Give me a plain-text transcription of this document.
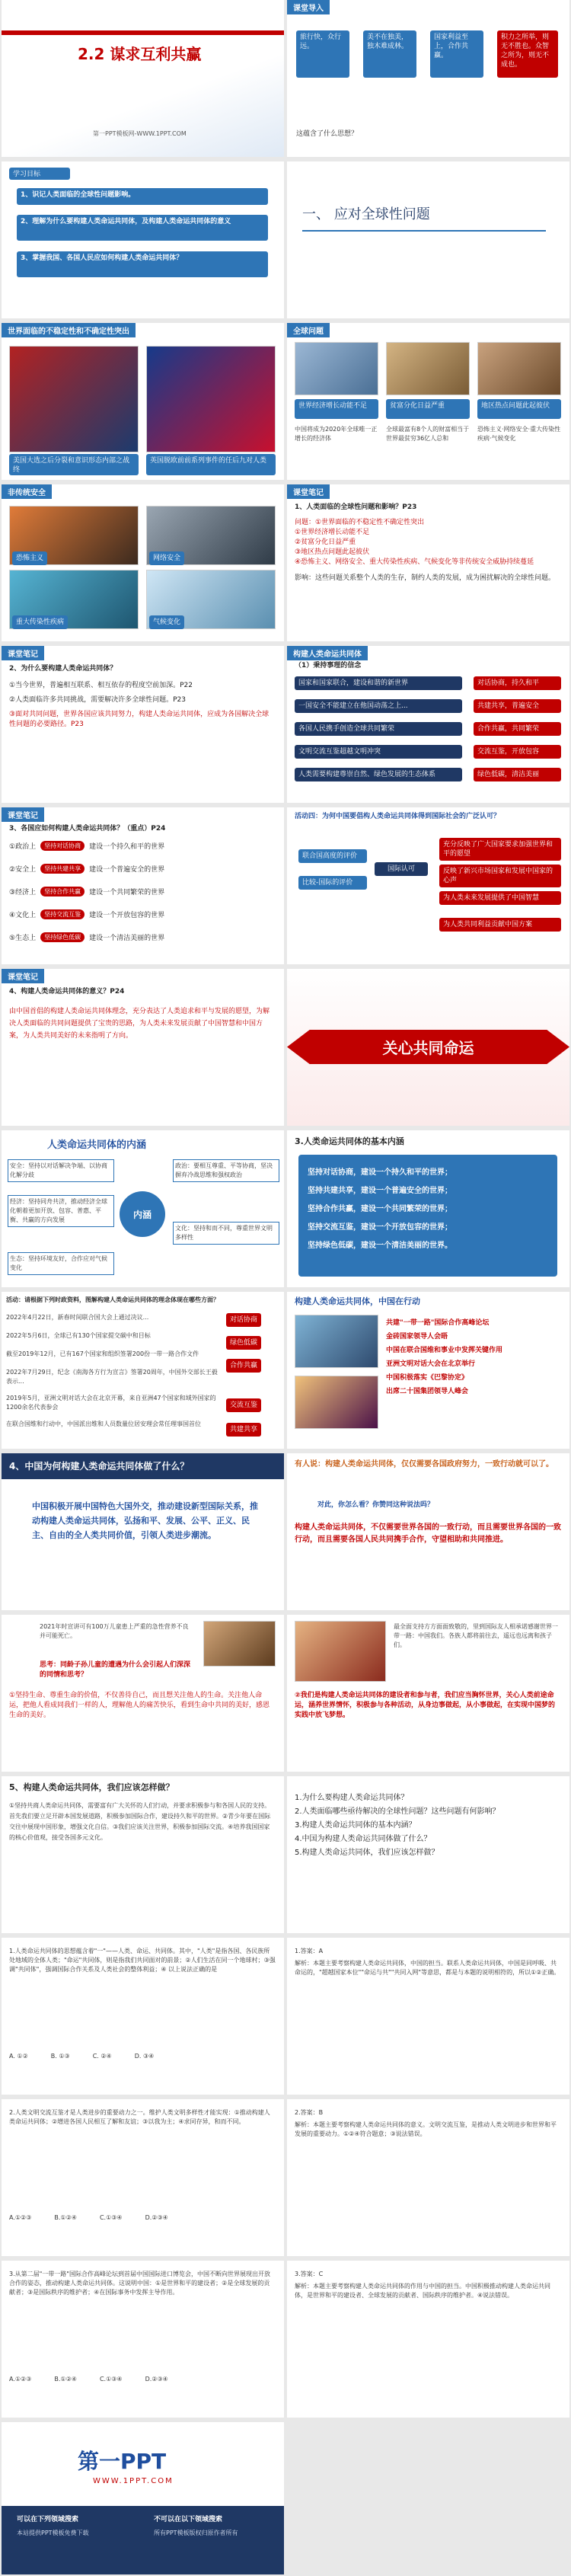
2.2 谋求互利共赢
第一PPT模板网-WWW.1PPT.COM
课堂导入
旅行快，众行远。
美不在独美，独木难成林。
国家利益至上，合作共赢。
积力之所举，则无不胜也。众智之所为，则无不成也。
这蕴含了什么思想？
学习目标
1、识记人类面临的全球性问题影响。
2、理解为什么要构建人类命运共同体，及构建人类命运共同体的意义
3、掌握我国、各国人民应如何构建人类命运共同体？
一、 应对全球性问题
世界面临的不稳定性和不确定性突出
美国大选之后分裂和意识形态内部之战终
英国脱欧前前系列事件的任后九对人类
全球问题
世界经济增长动能不足	贫富分化日益严重	地区热点问题此起彼伏
中国将成为2020年全球唯一正增长的经济体
全球最富有8个人的财富相当于世界最贫穷36亿人总和
恐怖主义·网络安全·重大传染性疾病·气候变化
非传统安全
恐怖主义	网络安全
重大传染性疾病	气候变化
课堂笔记
1、人类面临的全球性问题和影响？P23
问题：①世界面临的不稳定性不确定性突出
①世界经济增长动能不足
②贫富分化日益严重
③地区热点问题此起彼伏
④恐怖主义、网络安全、重大传染性疾病、气候变化等非传统安全威胁持续蔓延
影响：这些问题关系整个人类的生存，制约人类的发展，成为困扰解决的全球性问题。
课堂笔记
2、为什么要构建人类命运共同体？
①当今世界，普遍相互联系、相互依存的程度空前加深。P22
②人类面临许多共同挑战，需要解决许多全球性问题。P23
③面对共同问题，世界各国应该共同努力，构建人类命运共同体，应成为各国解决全球性问题的必要路径。P23
构建人类命运共同体
（1）秉持事理的信念
国家和国家联合，建设和谐的新世界
一国安全不能建立在他国动荡之上...
各国人民携手创造全球共同繁荣
文明交流互鉴超越文明冲突
人类需要构建尊崇自然、绿色发展的生态体系
对话协商，持久和平
共建共享，普遍安全
合作共赢，共同繁荣
交流互鉴，开放包容
绿色低碳，清洁美丽
课堂笔记
3、各国应如何构建人类命运共同体？（重点）P24
①政治上	坚持对话协商	建设一个持久和平的世界
②安全上	坚持共建共享	建设一个普遍安全的世界
③经济上	坚持合作共赢	建设一个共同繁荣的世界
④文化上	坚持交流互鉴	建设一个开放包容的世界
⑤生态上	坚持绿色低碳	建设一个清洁美丽的世界
活动四：为何中国要倡构人类命运共同体得到国际社会的广泛认可？
联合国高度的评价
比较-国际的评价
国际认可
充分反映了广大国家要求加强世界和平的愿望
反映了新兴市场国家和发展中国家的心声
为人类未来发展提供了中国智慧
为人类共同利益贡献中国方案
课堂笔记
4、构建人类命运共同体的意义？P24
由中国首倡的构建人类命运共同体理念，充分表达了人类追求和平与发展的愿望，为解决人类面临的共同问题提供了宝贵的思路，为人类未来发展贡献了中国智慧和中国方案，为人类共同美好的未来指明了方向。
关心共同命运
人类命运共同体的内涵
内涵
安全：坚持以对话解决争端、以协商化解分歧
经济：坚持同舟共济，推动经济全球化朝着更加开放、包容、普惠、平衡、共赢的方向发展
生态：坚持环境友好，合作应对气候变化
政治：要相互尊重、平等协商，坚决摒弃冷战思维和强权政治
文化：坚持和而不同，尊重世界文明多样性
3.人类命运共同体的基本内涵
坚持对话协商，建设一个持久和平的世界；
坚持共建共享，建设一个普遍安全的世界；
坚持合作共赢，建设一个共同繁荣的世界；
坚持交流互鉴，建设一个开放包容的世界；
坚持绿色低碳，建设一个清洁美丽的世界。
活动：请根据下列时政资料，图解构建人类命运共同体的理念体现在哪些方面？
2022年4月22日，新春时间联合国大会上通过决议...
2022年5月6日，全球已有130个国家提交碳中和目标
截至2019年12月，已有167个国家和组织签署200份一带一路合作文件
2022年7月29日，纪念《南海各方行为宣言》签署20周年，中国外交部长王毅表示...
2019年5月，亚洲文明对话大会在北京开幕，来自亚洲47个国家和域外国家的1200余名代表参会
在联合国维和行动中，中国派出维和人员数量位居安理会常任理事国首位
对话协商
绿色低碳
合作共赢
交流互鉴
共建共享
构建人类命运共同体，中国在行动
共建"一带一路"国际合作高峰论坛
金砖国家领导人会晤
中国在联合国维和事业中发挥关键作用
亚洲文明对话大会在北京举行
中国积极落实《巴黎协定》
出席二十国集团领导人峰会
4、中国为何构建人类命运共同体做了什么？
中国积极开展中国特色大国外交，推动建设新型国际关系，推动构建人类命运共同体，弘扬和平、发展、公平、正义、民主、自由的全人类共同价值，引领人类进步潮流。
有人说：构建人类命运共同体，仅仅需要各国政府努力，一致行动就可以了。
对此，你怎么看？你赞同这种说法吗？
构建人类命运共同体，不仅需要世界各国的一致行动，而且需要世界各国的一致行动，而且需要各国人民共同携手合作，守望相助和共同推进。
2021年时宣讲可有100万儿童患上严重的急性营养不良并可能死亡。
思考：同龄子孙儿童的遭遇为什么会引起人们深深的同情和思考？
①坚持生命、尊重生命的价值，不仅善待自己，而且想关注他人的生命。关注他人命运，把他人看成同我们一样的人，理解他人的痛苦快乐，看到生命中共同的美好，感恩生命的美好。
最全面支持方方面面致敬的，里到国际友人相承诺感谢世界一带一路：中国我们。各族人都将前往去，遥远也远离和孩子们。
②我们是构建人类命运共同体的建设者和参与者，我们应当胸怀世界，关心人类前途命运，涵养世界情怀，积极参与各种活动，从身边事做起，从小事做起，在实现中国梦的实践中放飞梦想。
5、构建人类命运共同体，我们应该怎样做？
①坚持共商人类命运共同体，需要富有广大关怀的人们行动，并要求积极参与和各国人民的支持。首先我们要立足开辟本国发展道路，积极参加国际合作，建设持久和平的世界。②青少年要在国际交往中展现中国形象，增强文化自信。③我们应该关注世界，积极参加国际交流。④培养我国国家的核心价值观，接受各国多元文化。
1.为什么要构建人类命运共同体？
2.人类面临哪些亟待解决的全球性问题？这些问题有何影响？
3.构建人类命运共同体的基本内涵？
4.中国为构建人类命运共同体做了什么？
5.构建人类命运共同体，我们应该怎样做？
1.人类命运共同体的思想蕴含着"一"——人类、命运、共同体。其中，"人类"是指各国、各民族所处地域的全体人类；"命运"共同体，则是指我们共同面对的前景；②人们生活在同一个地球村；③强调"共同体"，强调国际合作关系及人类社会的整体利益；④ 以上说法正确的是
A. ①②	B. ①③	C. ②④	D. ③④
1.答案：A
解析：本题主要考察构建人类命运共同体，中国的担当。联系人类命运共同体，中国是同呼吸、共命运的，"超越国家本位""命运与共""共同入网"等意思，都是与本题的说明相符的，所以①②正确。
2.人类文明交流互鉴才是人类进步的重要动力之一。维护人类文明多样性才能实现：①推动构建人类命运共同体；②增进各国人民相互了解和友谊；③以我为主；④求同存异，和而不同。
A.①②③	B.①②④	C.①③④	D.②③④
2.答案：B
解析：本题主要考察构建人类命运共同体的意义。文明交流互鉴，是推动人类文明进步和世界和平发展的重要动力。①②④符合题意；③说法错误。
3.从第二届"一带一路"国际合作高峰论坛到首届中国国际进口博览会，中国不断向世界展现出开放合作的姿态，推动构建人类命运共同体。这说明中国：①是世界和平的建设者；②是全球发展的贡献者；③是国际秩序的维护者；④在国际事务中发挥主导作用。
A.①②③	B.①②④	C.①③④	D.②③④
3.答案：C
解析：本题主要考察构建人类命运共同体的作用与中国的担当。中国积极推动构建人类命运共同体，是世界和平的建设者、全球发展的贡献者、国际秩序的维护者。④说法错误。
第一PPT
WWW.1PPT.COM
可以在下列领域搜索	不可以在以下领域搜索
本站提供PPT模板免费下载	所有PPT模板版权归原作者所有
